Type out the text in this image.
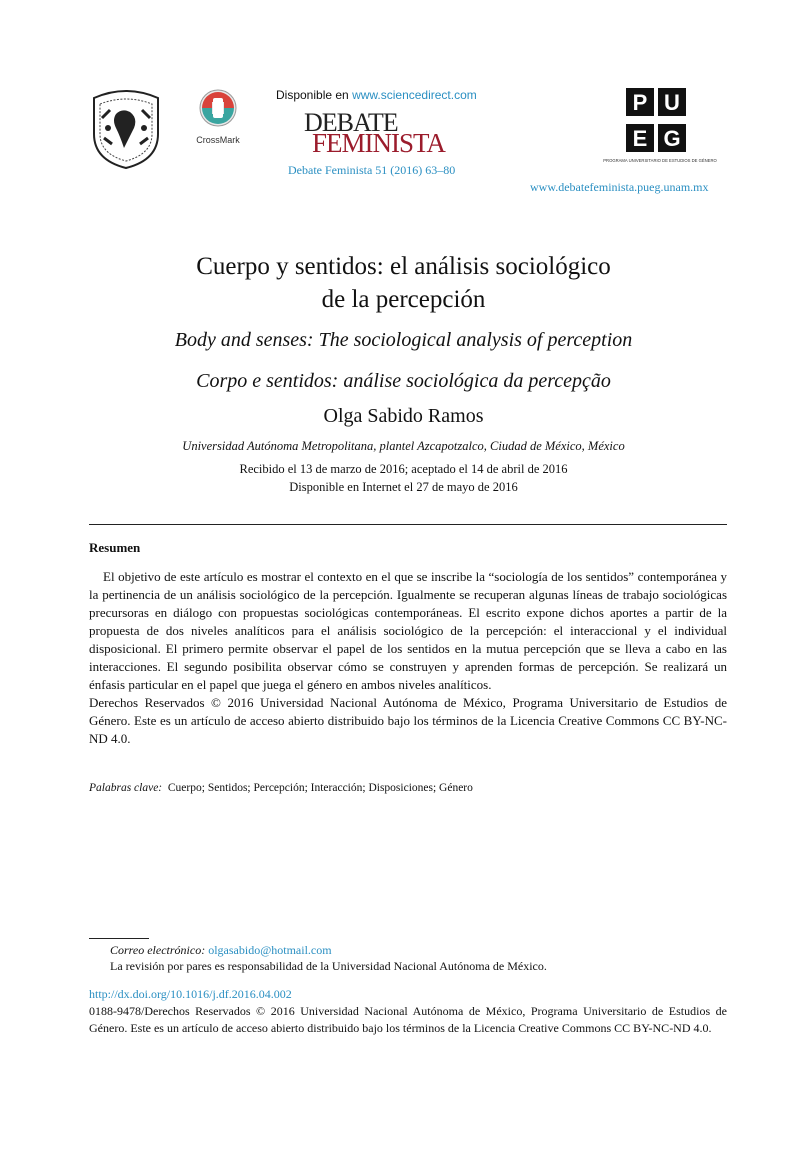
CrossMark
Disponible en www.sciencedirect.com
DEBATE
FEMINISTA
Debate Feminista 51 (2016) 63–80
P U
E G
PROGRAMA UNIVERSITARIO DE ESTUDIOS DE GÉNERO
www.debatefeminista.pueg.unam.mx
Cuerpo y sentidos: el análisis sociológico
de la percepción
Body and senses: The sociological analysis of perception
Corpo e sentidos: análise sociológica da percepção
Olga Sabido Ramos
Universidad Autónoma Metropolitana, plantel Azcapotzalco, Ciudad de México, México
Recibido el 13 de marzo de 2016; aceptado el 14 de abril de 2016
Disponible en Internet el 27 de mayo de 2016
Resumen

El objetivo de este artículo es mostrar el contexto en el que se inscribe la “sociología de los sentidos” contemporánea y la pertinencia de un análisis sociológico de la percepción. Igualmente se recuperan algunas líneas de trabajo sociológicas precursoras en diálogo con propuestas sociológicas contemporáneas. El escrito expone dichos aportes a partir de la propuesta de dos niveles analíticos para el análisis sociológico de la percepción: el interaccional y el individual disposicional. El primero permite observar el papel de los sentidos en la mutua percepción que se lleva a cabo en las interacciones. El segundo posibilita observar cómo se construyen y aprenden formas de percepción. Se realizará un énfasis particular en el papel que juega el género en ambos niveles analíticos.

Derechos Reservados © 2016 Universidad Nacional Autónoma de México, Programa Universitario de Estudios de Género. Este es un artículo de acceso abierto distribuido bajo los términos de la Licencia Creative Commons CC BY-NC-ND 4.0.

Palabras clave: Cuerpo; Sentidos; Percepción; Interacción; Disposiciones; Género
Correo electrónico: olgasabido@hotmail.com
La revisión por pares es responsabilidad de la Universidad Nacional Autónoma de México.
http://dx.doi.org/10.1016/j.df.2016.04.002
0188-9478/Derechos Reservados © 2016 Universidad Nacional Autónoma de México, Programa Universitario de Estudios de Género. Este es un artículo de acceso abierto distribuido bajo los términos de la Licencia Creative Commons CC BY-NC-ND 4.0.
